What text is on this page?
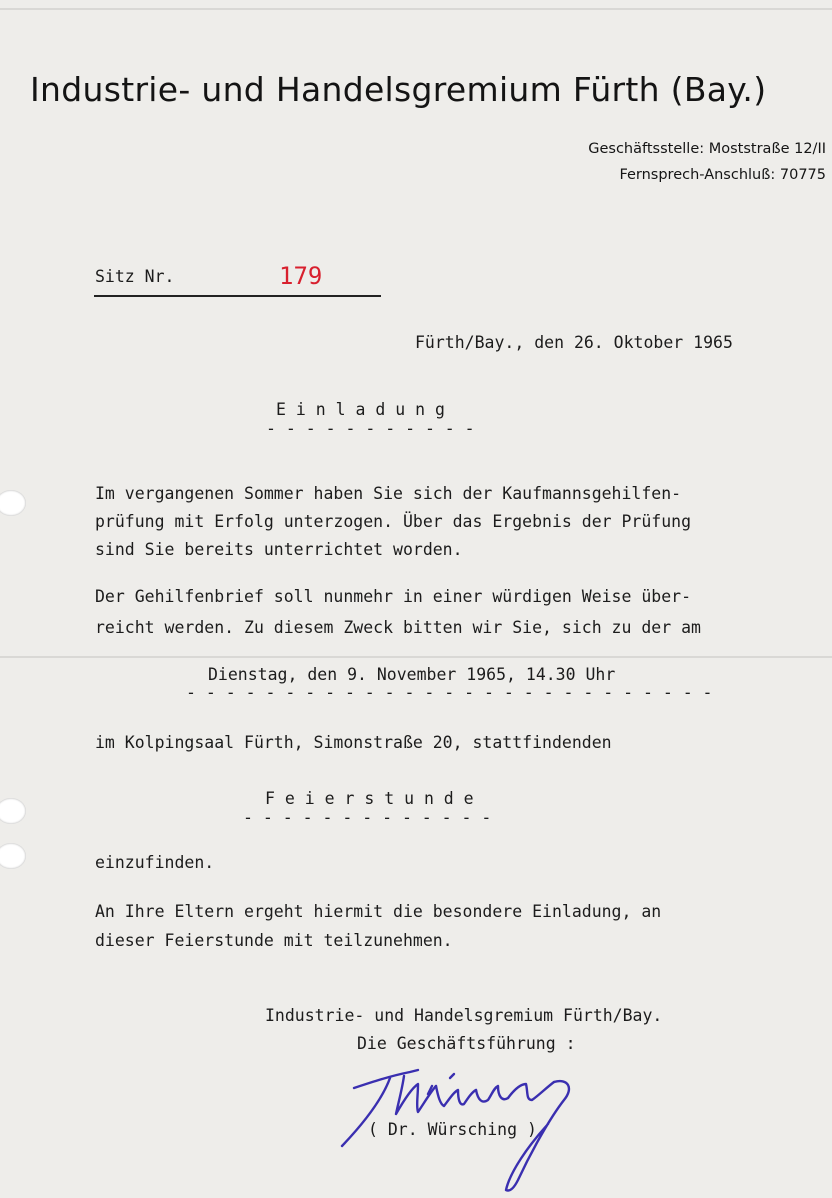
Industrie- und Handelsgremium Fürth (Bay.)
Geschäftsstelle: Moststraße 12/II
Fernsprech-Anschluß: 70775
Sitz Nr.	179
Fürth/Bay., den 26. Oktober 1965
E i n l a d u n g
- - - - - - - - - - -
Im vergangenen Sommer haben Sie sich der Kaufmannsgehilfen-
prüfung mit Erfolg unterzogen. Über das Ergebnis der Prüfung
sind Sie bereits unterrichtet worden.
Der Gehilfenbrief soll nunmehr in einer würdigen Weise über-
reicht werden. Zu diesem Zweck bitten wir Sie, sich zu der am
Dienstag, den 9. November 1965, 14.30 Uhr
- - - - - - - - - - - - - - - - - - - - - - - - - - -
im Kolpingsaal Fürth, Simonstraße 20, stattfindenden
F e i e r s t u n d e
- - - - - - - - - - - - -
einzufinden.
An Ihre Eltern ergeht hiermit die besondere Einladung, an
dieser Feierstunde mit teilzunehmen.
Industrie- und Handelsgremium Fürth/Bay.
Die Geschäftsführung :
( Dr. Würsching )
